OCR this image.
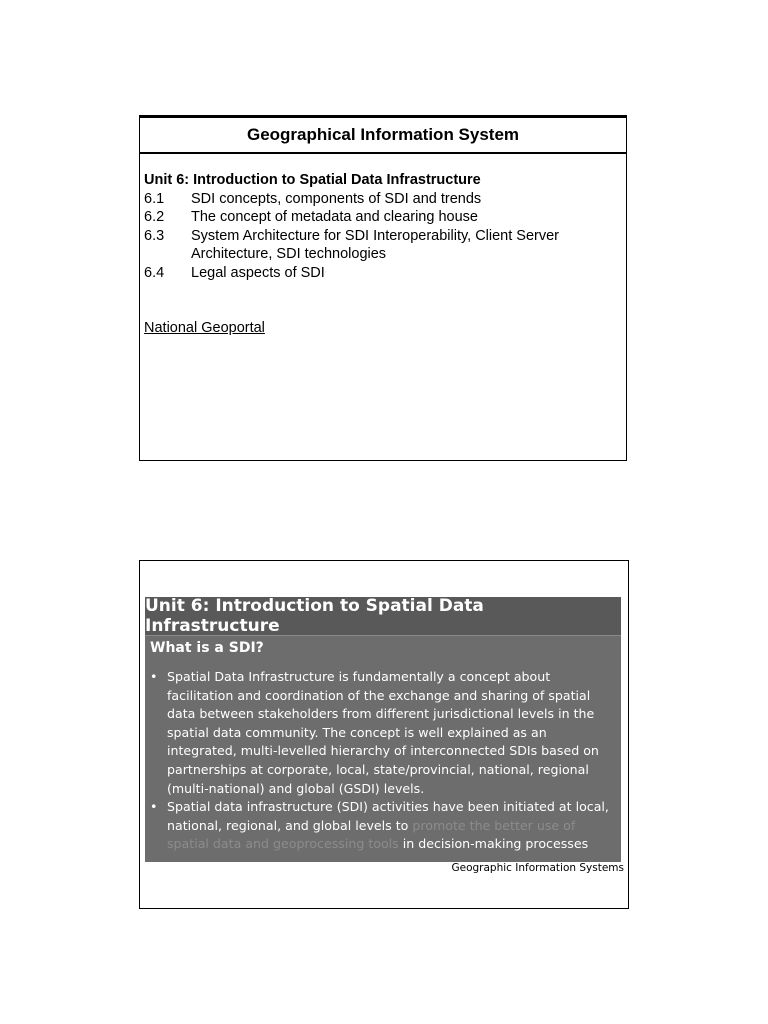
Geographical Information System
Unit 6: Introduction to Spatial Data Infrastructure
6.1	SDI concepts, components of SDI and trends
6.2	The concept of metadata and clearing house
6.3	System Architecture for SDI Interoperability, Client Server Architecture, SDI technologies
6.4	Legal aspects of SDI
National Geoportal
Unit 6: Introduction to Spatial Data Infrastructure
What is a SDI?
• Spatial Data Infrastructure is fundamentally a concept about facilitation and coordination of the exchange and sharing of spatial data between stakeholders from different jurisdictional levels in the spatial data community. The concept is well explained as an integrated, multi-levelled hierarchy of interconnected SDIs based on partnerships at corporate, local, state/provincial, national, regional (multi-national) and global (GSDI) levels.
• Spatial data infrastructure (SDI) activities have been initiated at local, national, regional, and global levels to promote the better use of spatial data and geoprocessing tools in decision-making processes
Geographic Information Systems
